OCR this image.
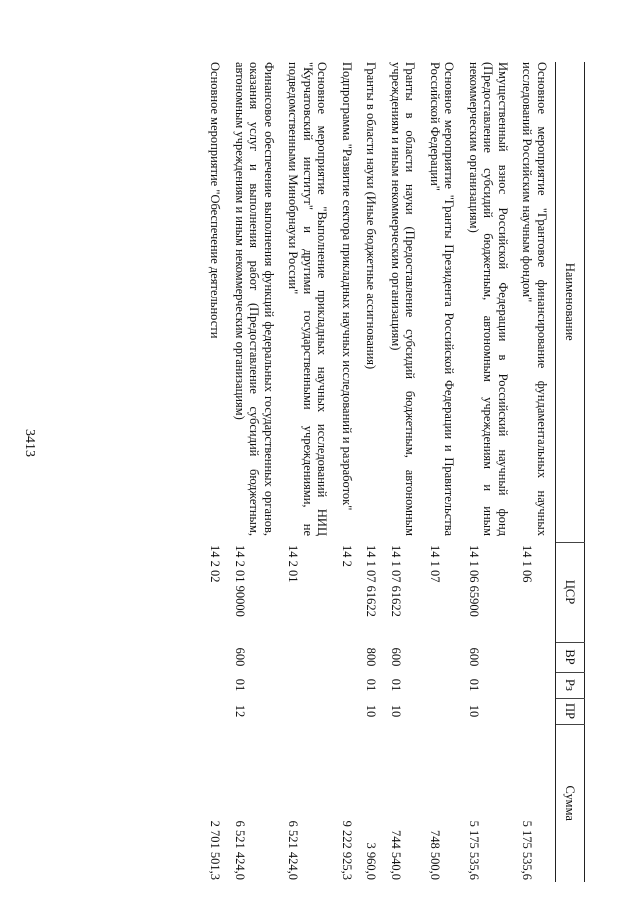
3413
Наименование	ЦСР	ВР	Рз	ПР	Сумма

Основное мероприятие "Грантовое финансирование фундаментальных научных исследований Российским научным фондом"	14 1 06				5 175 535,6
Имущественный взнос Российской Федерации в Российский научный фонд (Предоставление субсидий бюджетным, автономным учреждениям и иным некоммерческим организациям)	14 1 06 65900	600	01	10	5 175 535,6
Основное мероприятие "Гранты Президента Российской Федерации и Правительства Российской Федерации"	14 1 07				748 500,0
Гранты в области науки (Предоставление субсидий бюджетным, автономным учреждениям и иным некоммерческим организациям)	14 1 07 61622	600	01	10	744 540,0
Гранты в области науки (Иные бюджетные ассигнования)	14 1 07 61622	800	01	10	3 960,0
Подпрограмма "Развитие сектора прикладных научных исследований и разработок"	14 2				9 222 925,3
Основное мероприятие "Выполнение прикладных научных исследований НИЦ "Курчатовский институт" и другими государственными учреждениями, не подведомственными Минобрнауки России"	14 2 01				6 521 424,0
Финансовое обеспечение выполнения функций федеральных государственных органов, оказания услуг и выполнения работ (Предоставление субсидий бюджетным, автономным учреждениям и иным некоммерческим организациям)	14 2 01 90000	600	01	12	6 521 424,0
Основное мероприятие "Обеспечение деятельности	14 2 02				2 701 501,3
